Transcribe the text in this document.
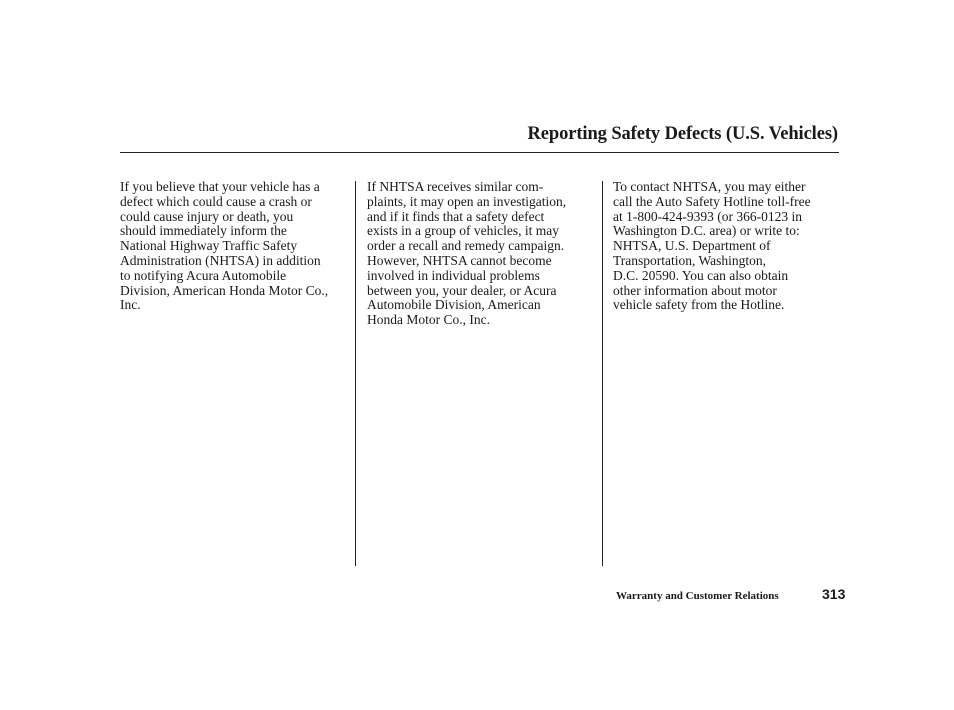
Reporting Safety Defects (U.S. Vehicles)
If you believe that your vehicle has a
defect which could cause a crash or
could cause injury or death, you
should immediately inform the
National Highway Traffic Safety
Administration (NHTSA) in addition
to notifying Acura Automobile
Division, American Honda Motor Co.,
Inc.
If NHTSA receives similar com-
plaints, it may open an investigation,
and if it finds that a safety defect
exists in a group of vehicles, it may
order a recall and remedy campaign.
However, NHTSA cannot become
involved in individual problems
between you, your dealer, or Acura
Automobile Division, American
Honda Motor Co., Inc.
To contact NHTSA, you may either
call the Auto Safety Hotline toll-free
at 1-800-424-9393 (or 366-0123 in
Washington D.C. area) or write to:
NHTSA, U.S. Department of
Transportation, Washington,
D.C. 20590. You can also obtain
other information about motor
vehicle safety from the Hotline.
Warranty and Customer Relations	313
